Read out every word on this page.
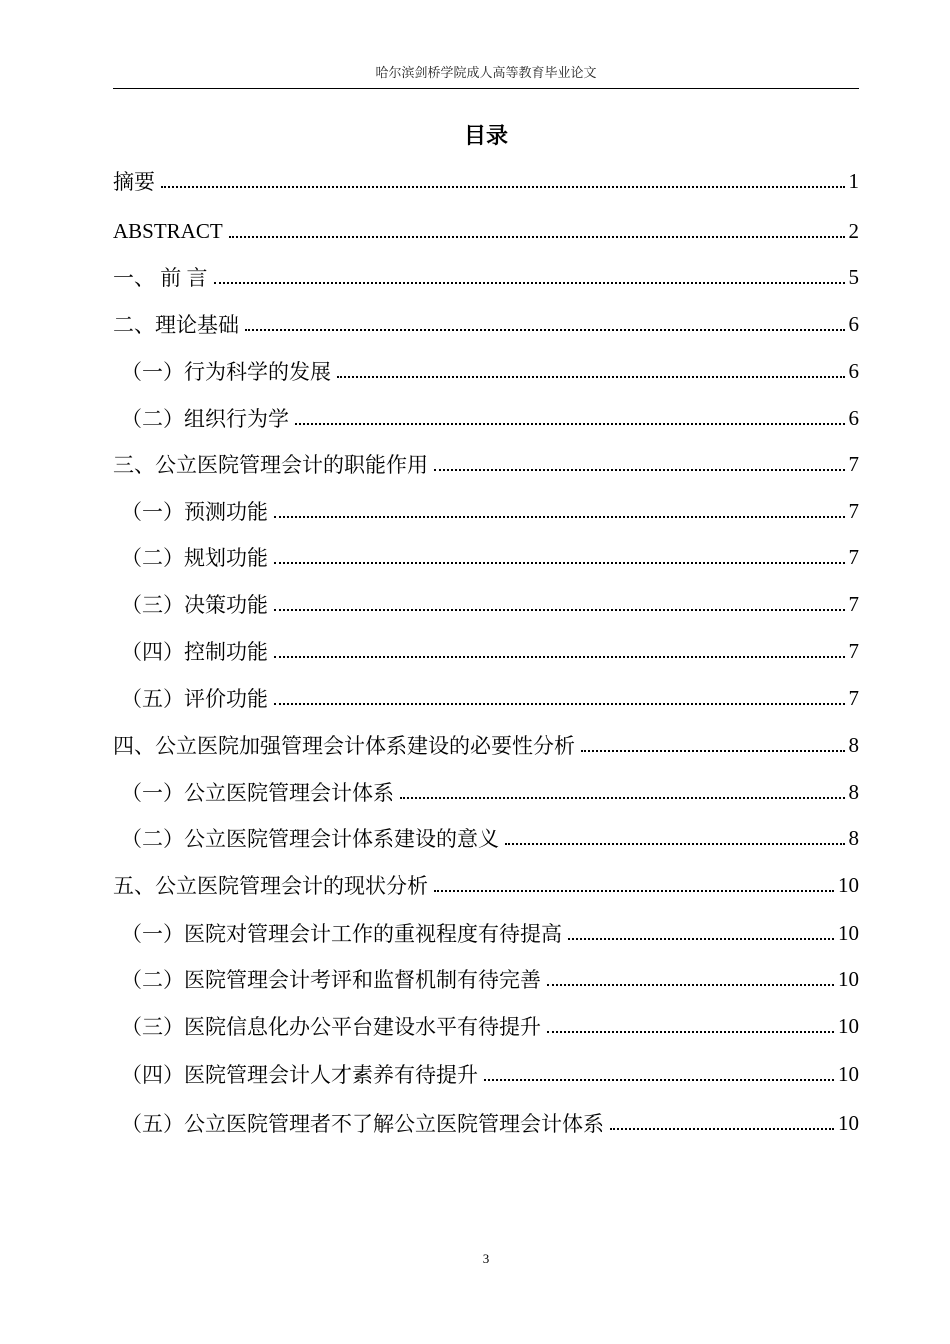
哈尔滨剑桥学院成人高等教育毕业论文
目录
摘要	1
ABSTRACT	2
一、 前 言	5
二、理论基础	6
（一）行为科学的发展	6
（二）组织行为学	6
三、公立医院管理会计的职能作用	7
（一）预测功能	7
（二）规划功能	7
（三）决策功能	7
（四）控制功能	7
（五）评价功能	7
四、公立医院加强管理会计体系建设的必要性分析	8
（一）公立医院管理会计体系	8
（二）公立医院管理会计体系建设的意义	8
五、公立医院管理会计的现状分析	10
（一）医院对管理会计工作的重视程度有待提高	10
（二）医院管理会计考评和监督机制有待完善	10
（三）医院信息化办公平台建设水平有待提升	10
（四）医院管理会计人才素养有待提升	10
（五）公立医院管理者不了解公立医院管理会计体系	10
3
